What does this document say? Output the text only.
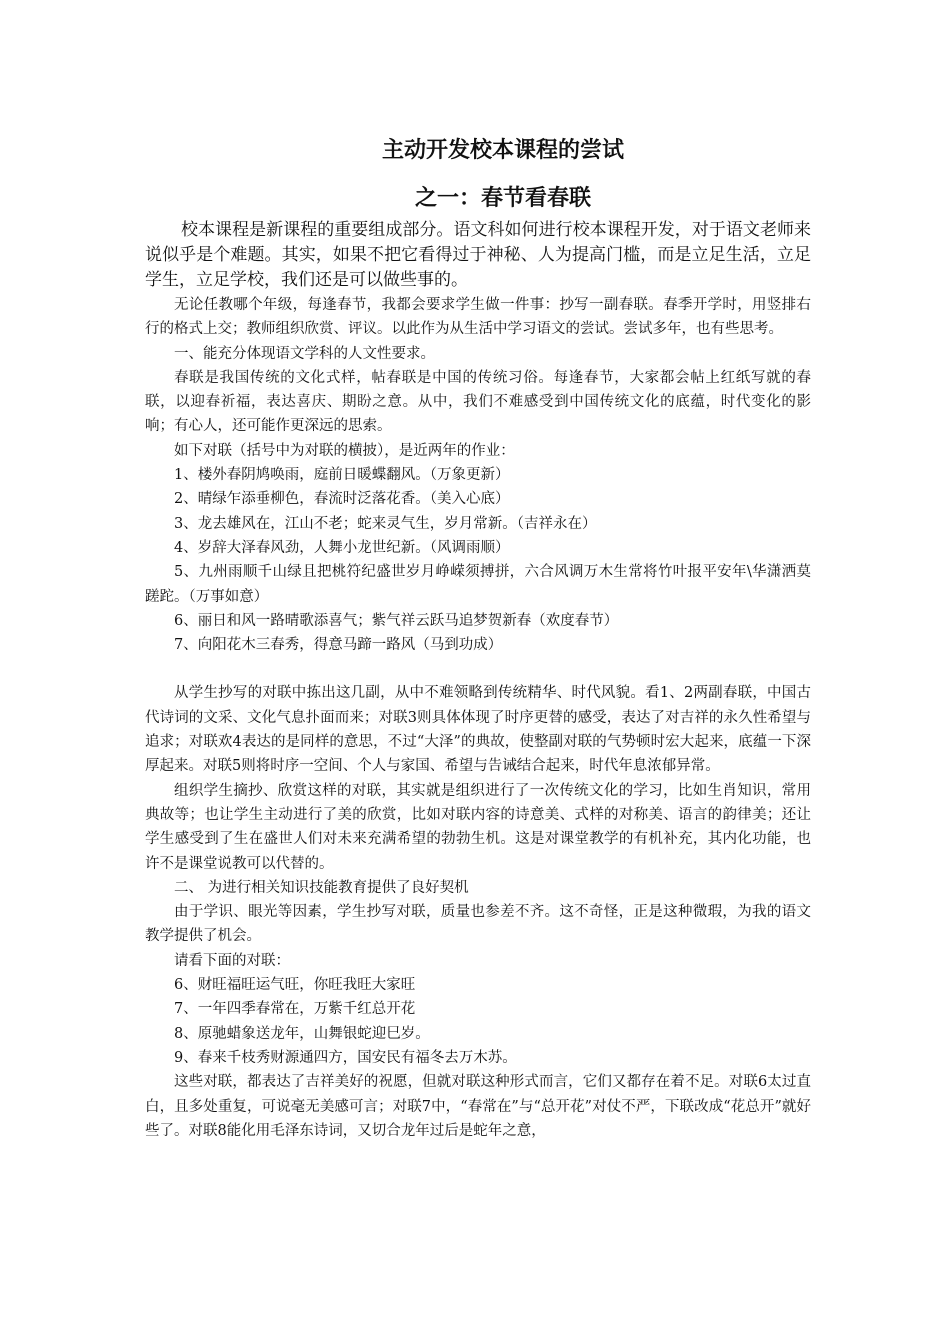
主动开发校本课程的尝试
之一：春节看春联

校本课程是新课程的重要组成部分。语文科如何进行校本课程开发，对于语文老师来说似乎是个难题。其实，如果不把它看得过于神秘、人为提高门槛，而是立足生活，立足学生，立足学校，我们还是可以做些事的。

无论任教哪个年级，每逢春节，我都会要求学生做一件事：抄写一副春联。春季开学时，用竖排右行的格式上交；教师组织欣赏、评议。以此作为从生活中学习语文的尝试。尝试多年，也有些思考。

一、能充分体现语文学科的人文性要求。

春联是我国传统的文化式样，帖春联是中国的传统习俗。每逢春节，大家都会帖上红纸写就的春联，以迎春祈福，表达喜庆、期盼之意。从中，我们不难感受到中国传统文化的底蕴，时代变化的影响；有心人，还可能作更深远的思索。

如下对联（括号中为对联的横披），是近两年的作业：

1、楼外春阴鸠唤雨，庭前日暖蝶翻风。（万象更新）

2、晴绿乍添垂柳色，春流时泛落花香。（美入心底）

3、龙去雄风在，江山不老；蛇来灵气生，岁月常新。（吉祥永在）

4、岁辞大泽春风劲，人舞小龙世纪新。（风调雨顺）

5、九州雨顺千山绿且把桃符纪盛世岁月峥嵘须搏拼，六合风调万木生常将竹叶报平安年\华潇洒莫蹉跎。（万事如意）

6、丽日和风一路晴歌添喜气；紫气祥云跃马追梦贺新春（欢度春节）

7、向阳花木三春秀，得意马蹄一路风（马到功成）

从学生抄写的对联中拣出这几副，从中不难领略到传统精华、时代风貌。看1、2两副春联，中国古代诗词的文采、文化气息扑面而来；对联3则具体体现了时序更替的感受，表达了对吉祥的永久性希望与追求；对联欢4表达的是同样的意思，不过“大泽”的典故，使整副对联的气势顿时宏大起来，底蕴一下深厚起来。对联5则将时序一空间、个人与家国、希望与告诫结合起来，时代年息浓郁异常。

组织学生摘抄、欣赏这样的对联，其实就是组织进行了一次传统文化的学习，比如生肖知识，常用典故等；也让学生主动进行了美的欣赏，比如对联内容的诗意美、式样的对称美、语言的韵律美；还让学生感受到了生在盛世人们对未来充满希望的勃勃生机。这是对课堂教学的有机补充，其内化功能，也许不是课堂说教可以代替的。

二、 为进行相关知识技能教育提供了良好契机

由于学识、眼光等因素，学生抄写对联，质量也参差不齐。这不奇怪，正是这种微瑕，为我的语文教学提供了机会。

请看下面的对联：

6、财旺福旺运气旺，你旺我旺大家旺

7、一年四季春常在，万紫千红总开花

8、原驰蜡象送龙年，山舞银蛇迎巳岁。

9、春来千枝秀财源通四方，国安民有福冬去万木苏。

这些对联，都表达了吉祥美好的祝愿，但就对联这种形式而言，它们又都存在着不足。对联6太过直白，且多处重复，可说毫无美感可言；对联7中，“春常在”与“总开花”对仗不严，下联改成“花总开”就好些了。对联8能化用毛泽东诗词，又切合龙年过后是蛇年之意，
